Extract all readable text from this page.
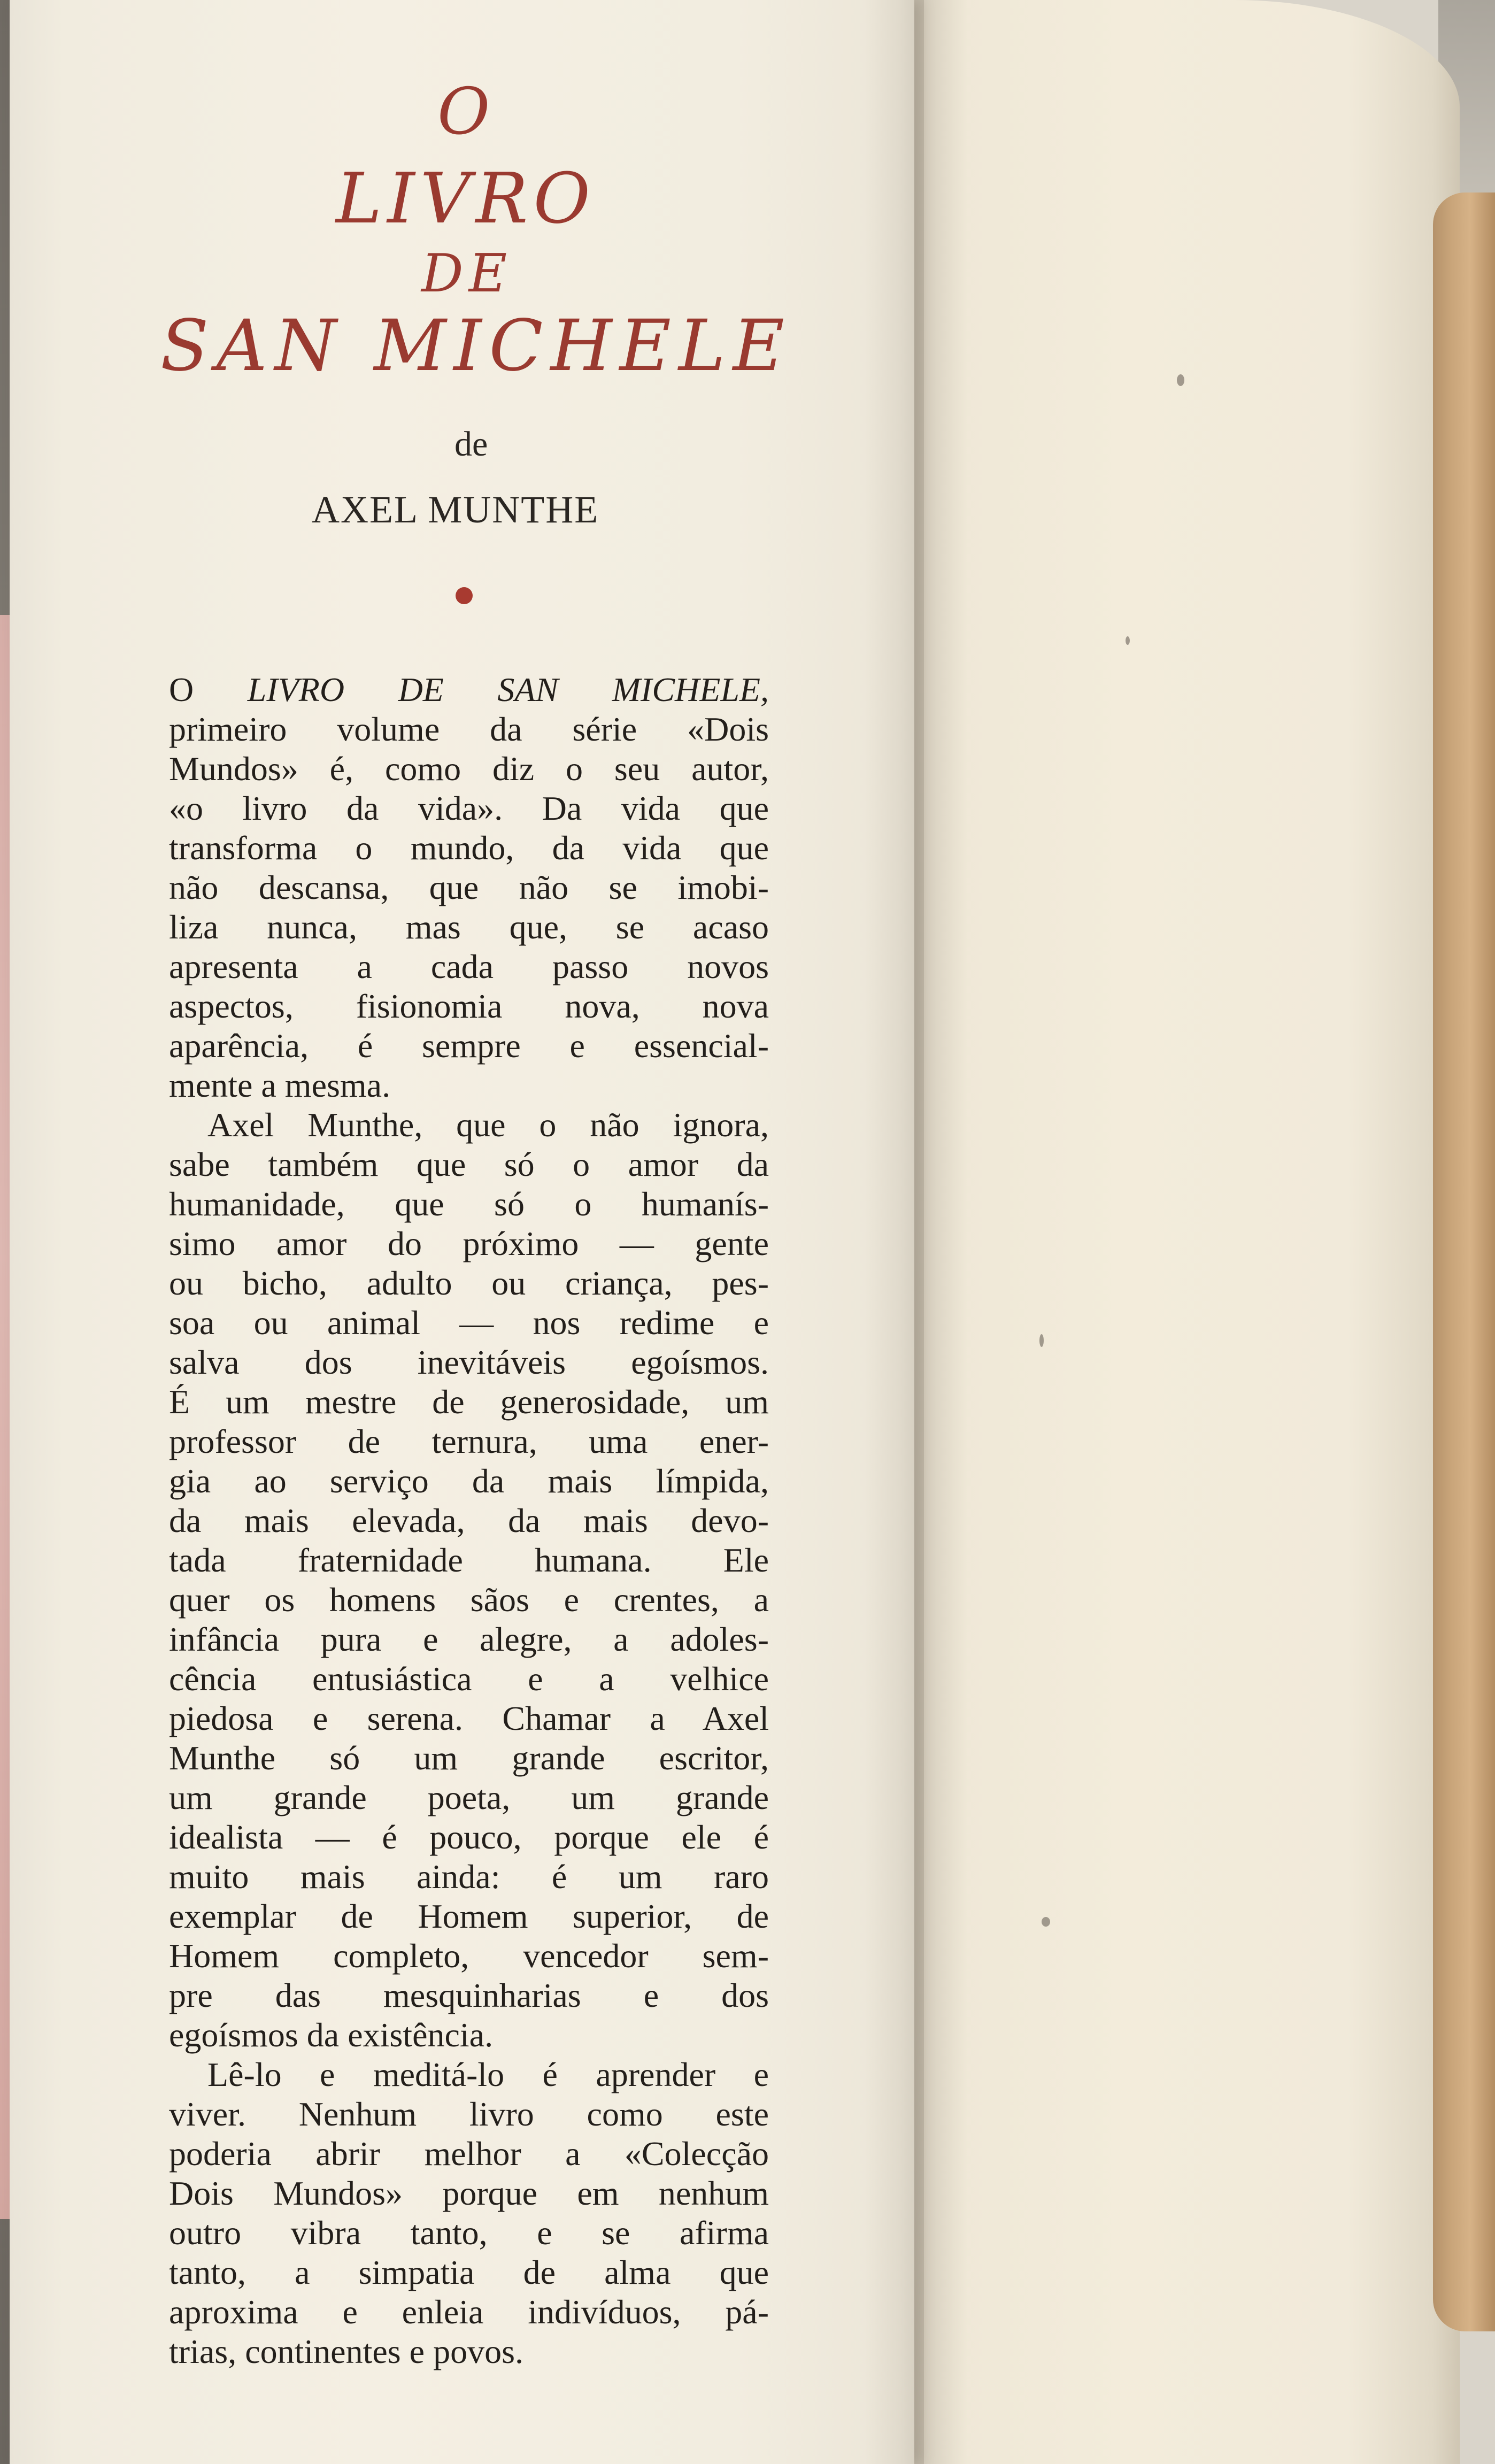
O
LIVRO
DE
SAN MICHELE

de

AXEL MUNTHE

O LIVRO DE SAN MICHELE,
primeiro volume da série «Dois
Mundos» é, como diz o seu autor,
«o livro da vida». Da vida que
transforma o mundo, da vida que
não descansa, que não se imobi-
liza nunca, mas que, se acaso
apresenta a cada passo novos
aspectos, fisionomia nova, nova
aparência, é sempre e essencial-
mente a mesma.
Axel Munthe, que o não ignora,
sabe também que só o amor da
humanidade, que só o humanís-
simo amor do próximo — gente
ou bicho, adulto ou criança, pes-
soa ou animal — nos redime e
salva dos inevitáveis egoísmos.
É um mestre de generosidade, um
professor de ternura, uma ener-
gia ao serviço da mais límpida,
da mais elevada, da mais devo-
tada fraternidade humana. Ele
quer os homens sãos e crentes, a
infância pura e alegre, a adoles-
cência entusiástica e a velhice
piedosa e serena. Chamar a Axel
Munthe só um grande escritor,
um grande poeta, um grande
idealista — é pouco, porque ele é
muito mais ainda: é um raro
exemplar de Homem superior, de
Homem completo, vencedor sem-
pre das mesquinharias e dos
egoísmos da existência.
Lê-lo e meditá-lo é aprender e
viver. Nenhum livro como este
poderia abrir melhor a «Colecção
Dois Mundos» porque em nenhum
outro vibra tanto, e se afirma
tanto, a simpatia de alma que
aproxima e enleia indivíduos, pá-
trias, continentes e povos.
